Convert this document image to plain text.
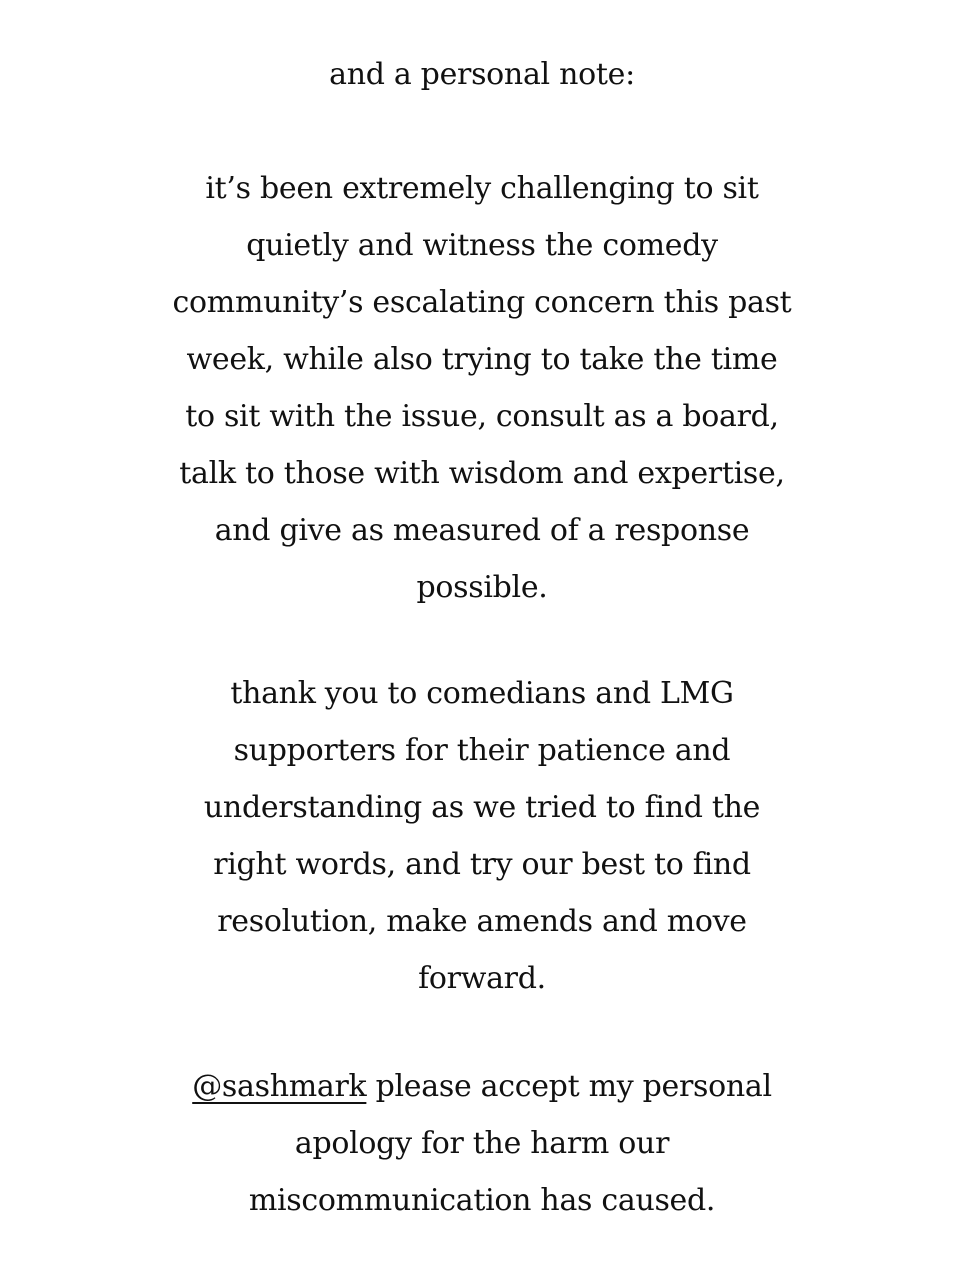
and a personal note:
it’s been extremely challenging to sit
quietly and witness the comedy
community’s escalating concern this past
week, while also trying to take the time
to sit with the issue, consult as a board,
talk to those with wisdom and expertise,
and give as measured of a response
possible.
thank you to comedians and LMG
supporters for their patience and
understanding as we tried to find the
right words, and try our best to find
resolution, make amends and move
forward.
@sashmark please accept my personal
apology for the harm our
miscommunication has caused.
